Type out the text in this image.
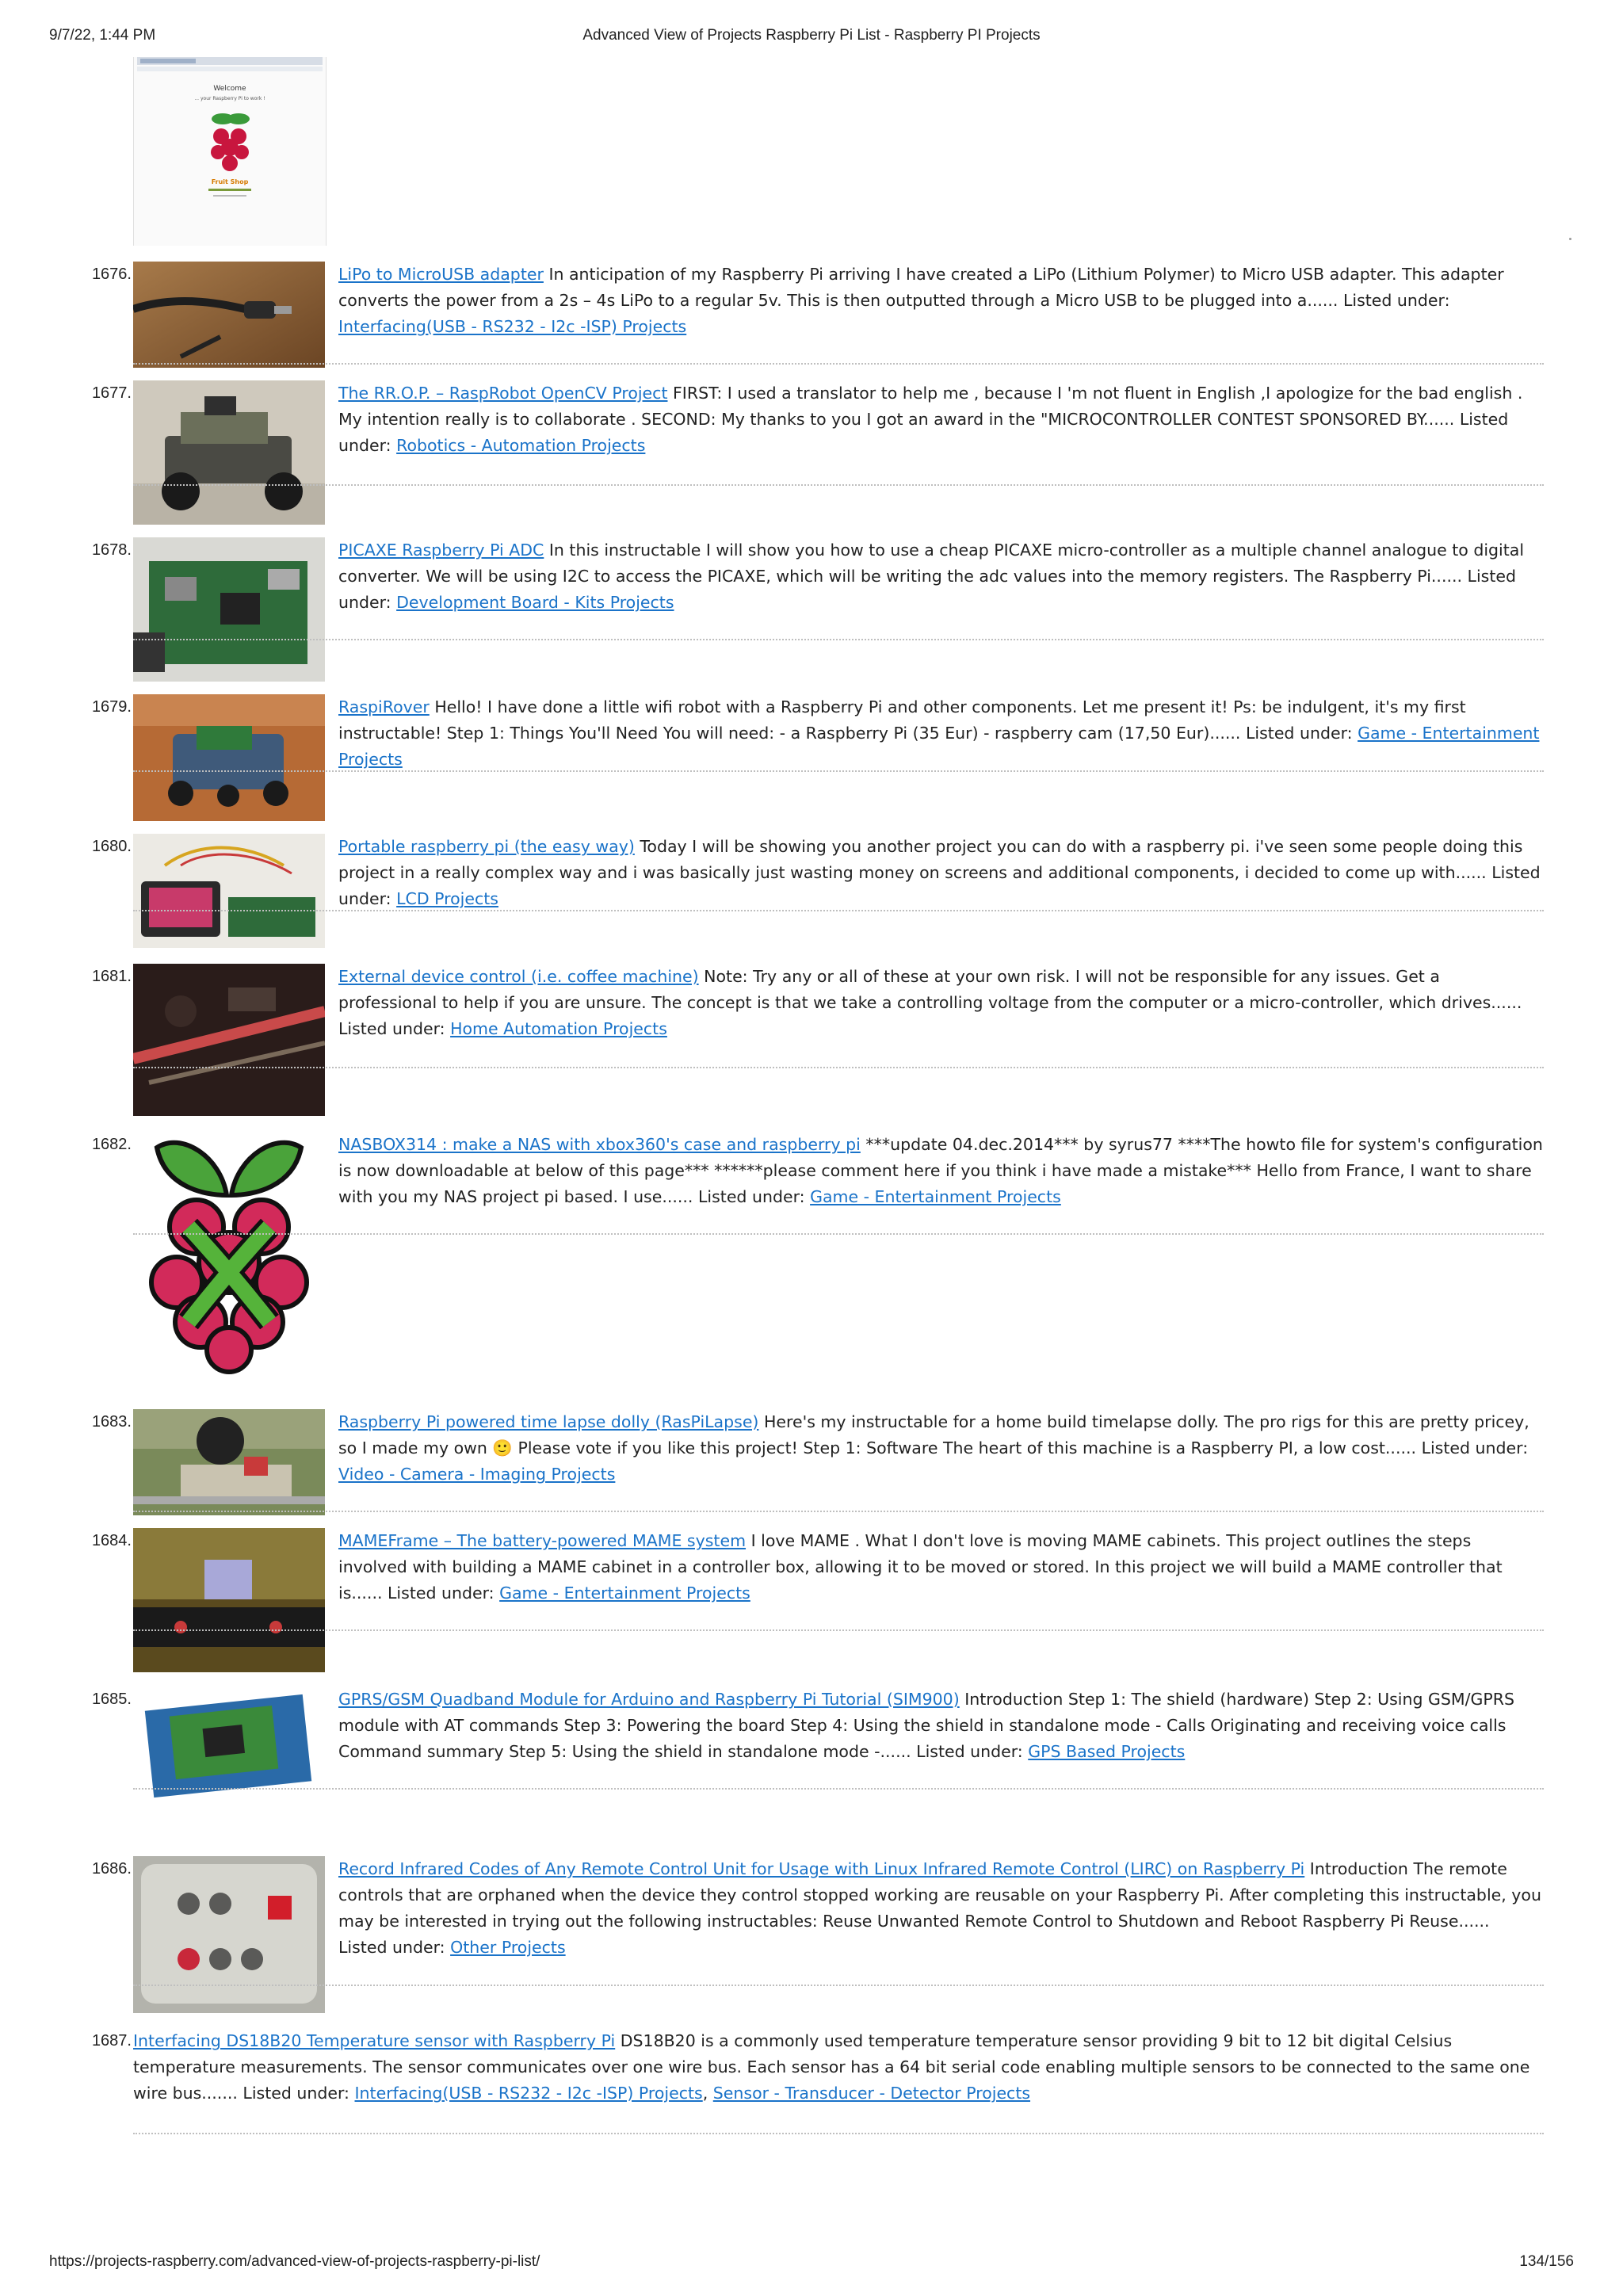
9/7/22, 1:44 PM	Advanced View of Projects Raspberry Pi List - Raspberry PI Projects
Welcome
... your Raspberry Pi to work !
Fruit Shop
1676.	LiPo to MicroUSB adapter In anticipation of my Raspberry Pi arriving I have created a LiPo (Lithium Polymer) to Micro USB adapter. This adapter converts the power from a 2s – 4s LiPo to a regular 5v. This is then outputted through a Micro USB to be plugged into a...... Listed under: Interfacing(USB - RS232 - I2c -ISP) Projects
1677.	The RR.O.P. – RaspRobot OpenCV Project FIRST: I used a translator to help me , because I 'm not fluent in English ,I apologize for the bad english . My intention really is to collaborate . SECOND: My thanks to you I got an award in the "MICROCONTROLLER CONTEST SPONSORED BY...... Listed under: Robotics - Automation Projects
1678.	PICAXE Raspberry Pi ADC In this instructable I will show you how to use a cheap PICAXE micro-controller as a multiple channel analogue to digital converter. We will be using I2C to access the PICAXE, which will be writing the adc values into the memory registers. The Raspberry Pi...... Listed under: Development Board - Kits Projects
1679.	RaspiRover Hello! I have done a little wifi robot with a Raspberry Pi and other components. Let me present it! Ps: be indulgent, it's my first instructable! Step 1: Things You'll Need You will need: - a Raspberry Pi (35 Eur) - raspberry cam (17,50 Eur)...... Listed under: Game - Entertainment Projects
1680.	Portable raspberry pi (the easy way) Today I will be showing you another project you can do with a raspberry pi. i've seen some people doing this project in a really complex way and i was basically just wasting money on screens and additional components, i decided to come up with...... Listed under: LCD Projects
1681.	External device control (i.e. coffee machine) Note: Try any or all of these at your own risk. I will not be responsible for any issues. Get a professional to help if you are unsure. The concept is that we take a controlling voltage from the computer or a micro-controller, which drives...... Listed under: Home Automation Projects
1682.	NASBOX314 : make a NAS with xbox360's case and raspberry pi ***update 04.dec.2014*** by syrus77 ****The howto file for system's configuration is now downloadable at below of this page*** ******please comment here if you think i have made a mistake*** Hello from France, I want to share with you my NAS project pi based. I use...... Listed under: Game - Entertainment Projects
1683.	Raspberry Pi powered time lapse dolly (RasPiLapse) Here's my instructable for a home build timelapse dolly. The pro rigs for this are pretty pricey, so I made my own 🙂 Please vote if you like this project! Step 1: Software The heart of this machine is a Raspberry PI, a low cost...... Listed under: Video - Camera - Imaging Projects
1684.	MAMEFrame – The battery-powered MAME system I love MAME . What I don't love is moving MAME cabinets. This project outlines the steps involved with building a MAME cabinet in a controller box, allowing it to be moved or stored. In this project we will build a MAME controller that is...... Listed under: Game - Entertainment Projects
1685.	GPRS/GSM Quadband Module for Arduino and Raspberry Pi Tutorial (SIM900) Introduction Step 1: The shield (hardware) Step 2: Using GSM/GPRS module with AT commands Step 3: Powering the board Step 4: Using the shield in standalone mode - Calls Originating and receiving voice calls Command summary Step 5: Using the shield in standalone mode -...... Listed under: GPS Based Projects
1686.	Record Infrared Codes of Any Remote Control Unit for Usage with Linux Infrared Remote Control (LIRC) on Raspberry Pi Introduction The remote controls that are orphaned when the device they control stopped working are reusable on your Raspberry Pi. After completing this instructable, you may be interested in trying out the following instructables: Reuse Unwanted Remote Control to Shutdown and Reboot Raspberry Pi Reuse...... Listed under: Other Projects
1687. Interfacing DS18B20 Temperature sensor with Raspberry Pi DS18B20 is a commonly used temperature temperature sensor providing 9 bit to 12 bit digital Celsius temperature measurements. The sensor communicates over one wire bus. Each sensor has a 64 bit serial code enabling multiple sensors to be connected to the same one wire bus....... Listed under: Interfacing(USB - RS232 - I2c -ISP) Projects, Sensor - Transducer - Detector Projects
https://projects-raspberry.com/advanced-view-of-projects-raspberry-pi-list/	134/156
